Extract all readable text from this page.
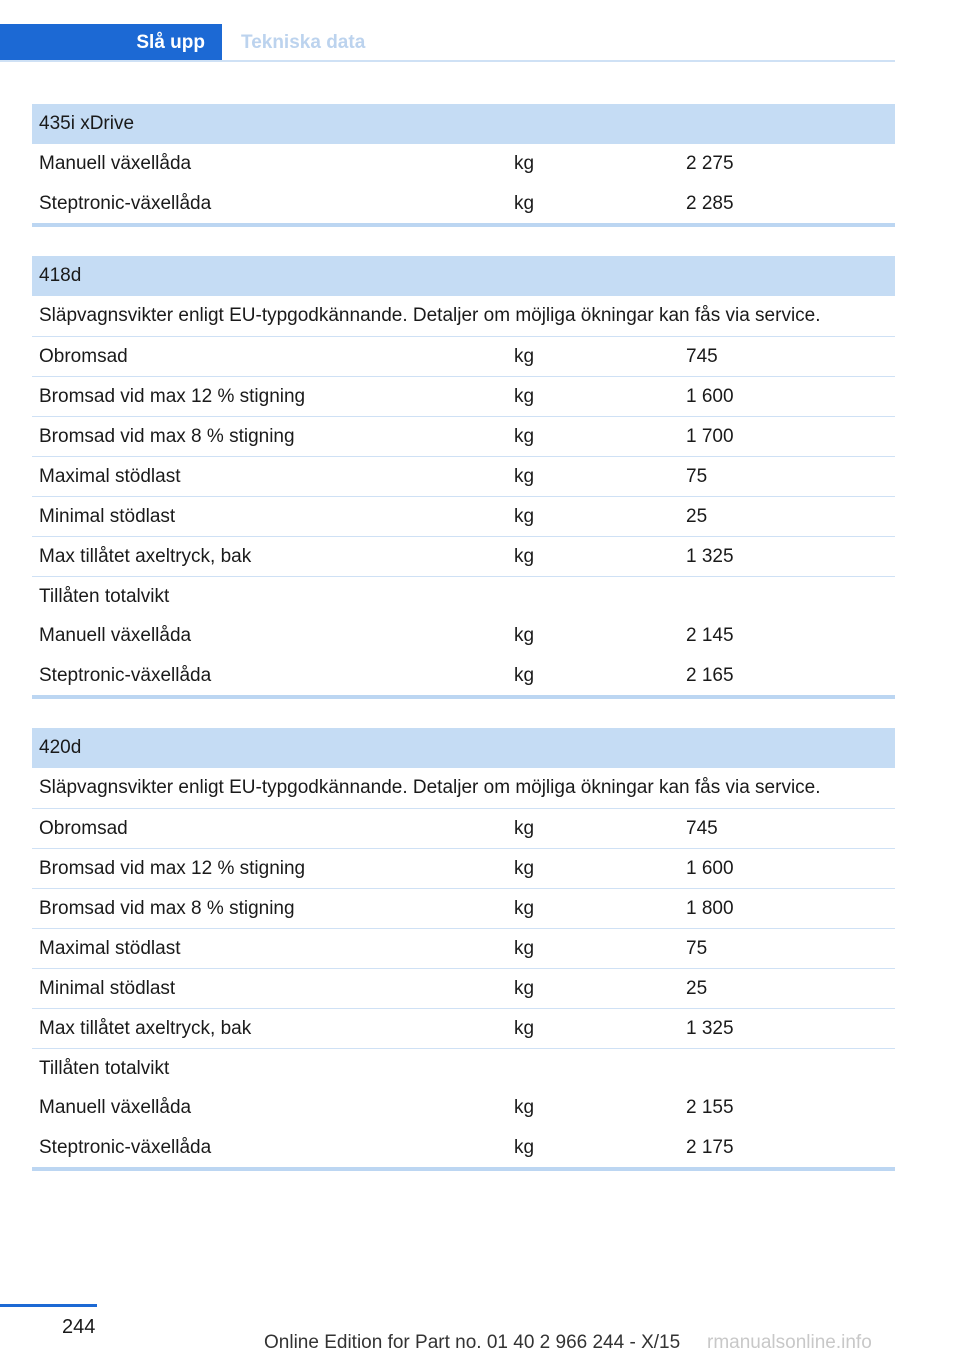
Slå upp Tekniska data
435i xDrive
Manuell växellåda	kg	2 275
Steptronic-växellåda	kg	2 285
418d
Släpvagnsvikter enligt EU-typgodkännande. Detaljer om möjliga ökningar kan fås via service.
Obromsad	kg	745
Bromsad vid max 12 % stigning	kg	1 600
Bromsad vid max 8 % stigning	kg	1 700
Maximal stödlast	kg	75
Minimal stödlast	kg	25
Max tillåtet axeltryck, bak	kg	1 325
Tillåten totalvikt
Manuell växellåda	kg	2 145
Steptronic-växellåda	kg	2 165
420d
Släpvagnsvikter enligt EU-typgodkännande. Detaljer om möjliga ökningar kan fås via service.
Obromsad	kg	745
Bromsad vid max 12 % stigning	kg	1 600
Bromsad vid max 8 % stigning	kg	1 800
Maximal stödlast	kg	75
Minimal stödlast	kg	25
Max tillåtet axeltryck, bak	kg	1 325
Tillåten totalvikt
Manuell växellåda	kg	2 155
Steptronic-växellåda	kg	2 175
244
Online Edition for Part no. 01 40 2 966 244 - X/15 rmanualsonline.info
